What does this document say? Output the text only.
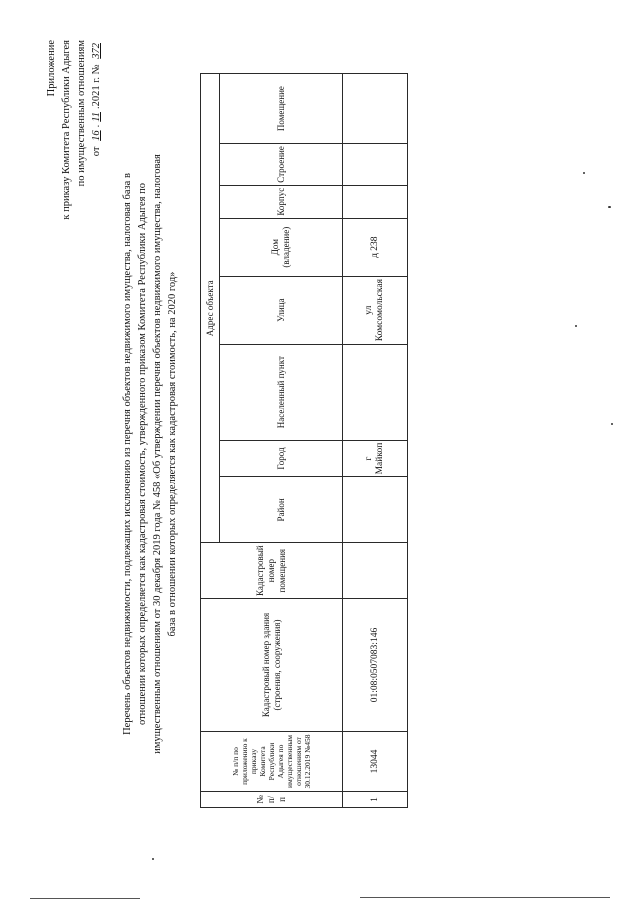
Приложение к приказу Комитета Республики Адыгея по имущественным отношениям от 16.11.2021 г. № 372
Перечень объектов недвижимости, подлежащих исключению из перечня объектов недвижимого имущества, налоговая база в отношении которых определяется как кадастровая стоимость, утвержденного приказом Комитета Республики Адыгея по имущественным отношениям от 30 декабря 2019 года № 458 «Об утверждении перечня объектов недвижимого имущества, налоговая база в отношении которых определяется как кадастровая стоимость, на 2020 год»
№ п/ п	№ п/п по приложению к приказу Комитета Республики Адыгея по имущественным отношениям от 30.12.2019 №458	Кадастровый номер здания (строения, сооружения)	Кадастровый номер помещения	Адрес объекта							
				Район	Город	Населенный пункт	Улица	Дом (владение)	Корпус	Строение	Помещение
1	13044	01:08:0507083:146			г Майкоп		ул Комсомольская	д 238			
